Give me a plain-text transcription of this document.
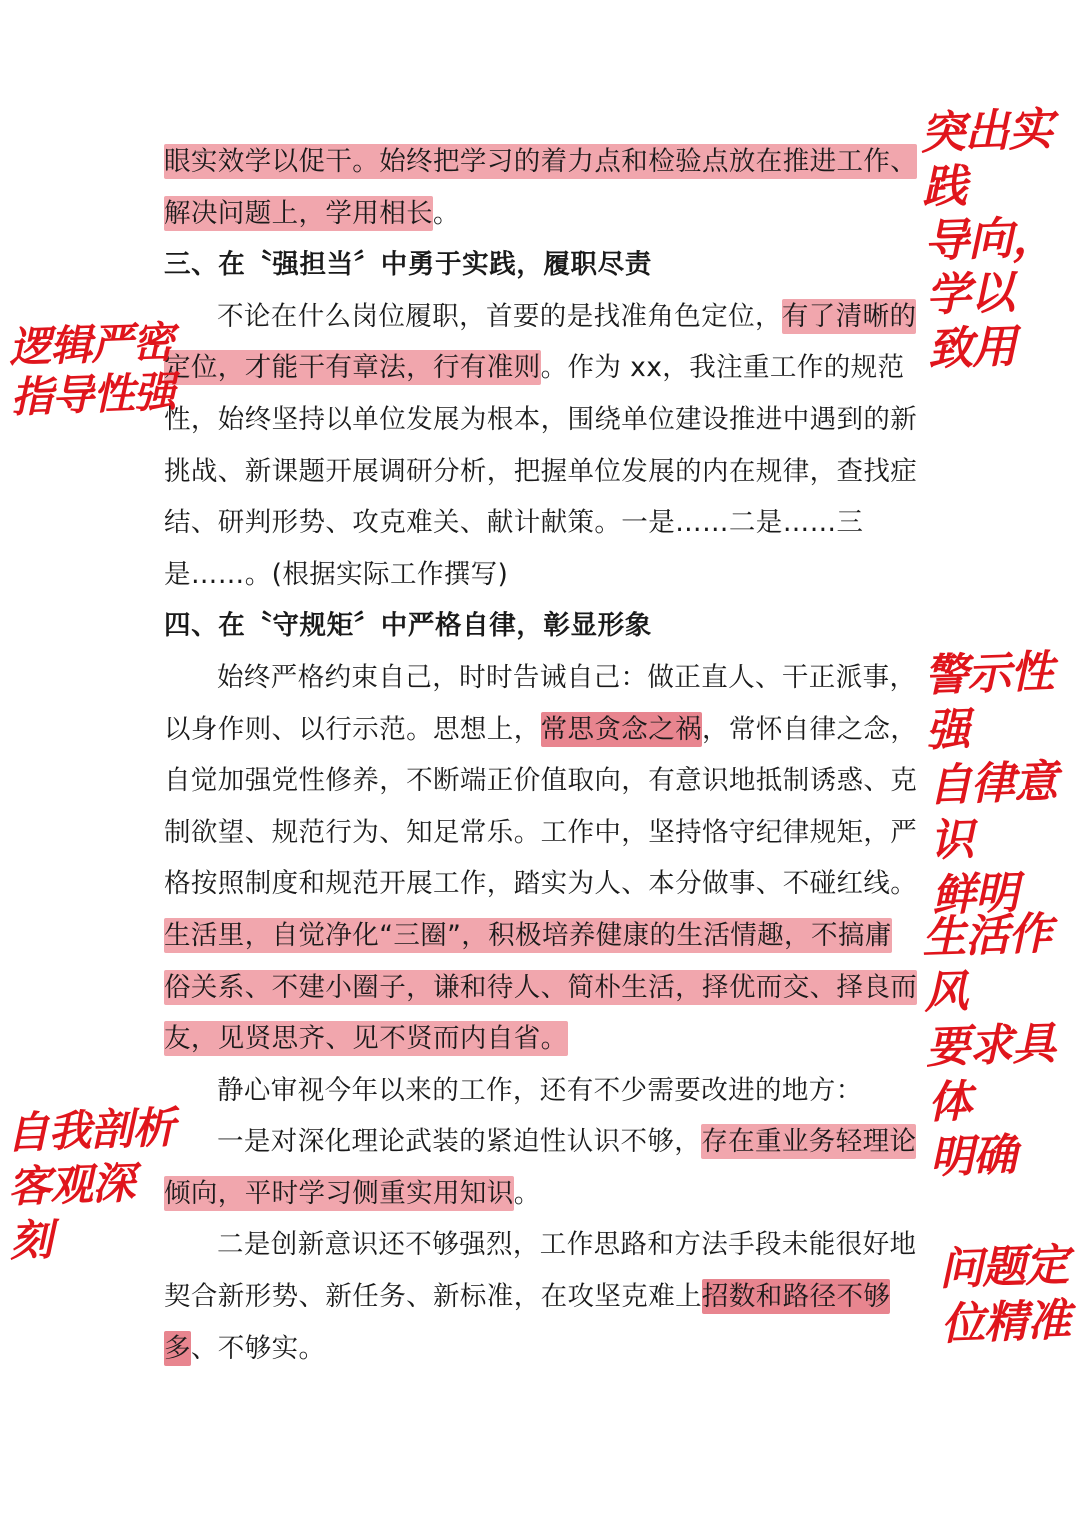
眼实效学以促干。始终把学习的着力点和检验点放在推进工作、解决问题上，学用相长。

三、在〝强担当〞中勇于实践，履职尽责

不论在什么岗位履职，首要的是找准角色定位，有了清晰的定位，才能干有章法，行有准则。作为 xx，我注重工作的规范性，始终坚持以单位发展为根本，围绕单位建设推进中遇到的新挑战、新课题开展调研分析，把握单位发展的内在规律，查找症结、研判形势、攻克难关、献计献策。一是……二是……三是……。(根据实际工作撰写)

四、在〝守规矩〞中严格自律，彰显形象

始终严格约束自己，时时告诫自己：做正直人、干正派事，以身作则、以行示范。思想上，常思贪念之祸，常怀自律之念，自觉加强党性修养，不断端正价值取向，有意识地抵制诱惑、克制欲望、规范行为、知足常乐。工作中，坚持恪守纪律规矩，严格按照制度和规范开展工作，踏实为人、本分做事、不碰红线。生活里，自觉净化“三圈”，积极培养健康的生活情趣，不搞庸俗关系、不建小圈子，谦和待人、简朴生活，择优而交、择良而友，见贤思齐、见不贤而内自省。

静心审视今年以来的工作，还有不少需要改进的地方：

一是对深化理论武装的紧迫性认识不够，存在重业务轻理论倾向，平时学习侧重实用知识。

二是创新意识还不够强烈，工作思路和方法手段未能很好地契合新形势、新任务、新标准，在攻坚克难上招数和路径不够多、不够实。

突出实践
导向，学以
致用
逻辑严密
指导性强
警示性强
自律意识
鲜明
生活作风
要求具体
明确
自我剖析
客观深
刻	问题定
位精准
